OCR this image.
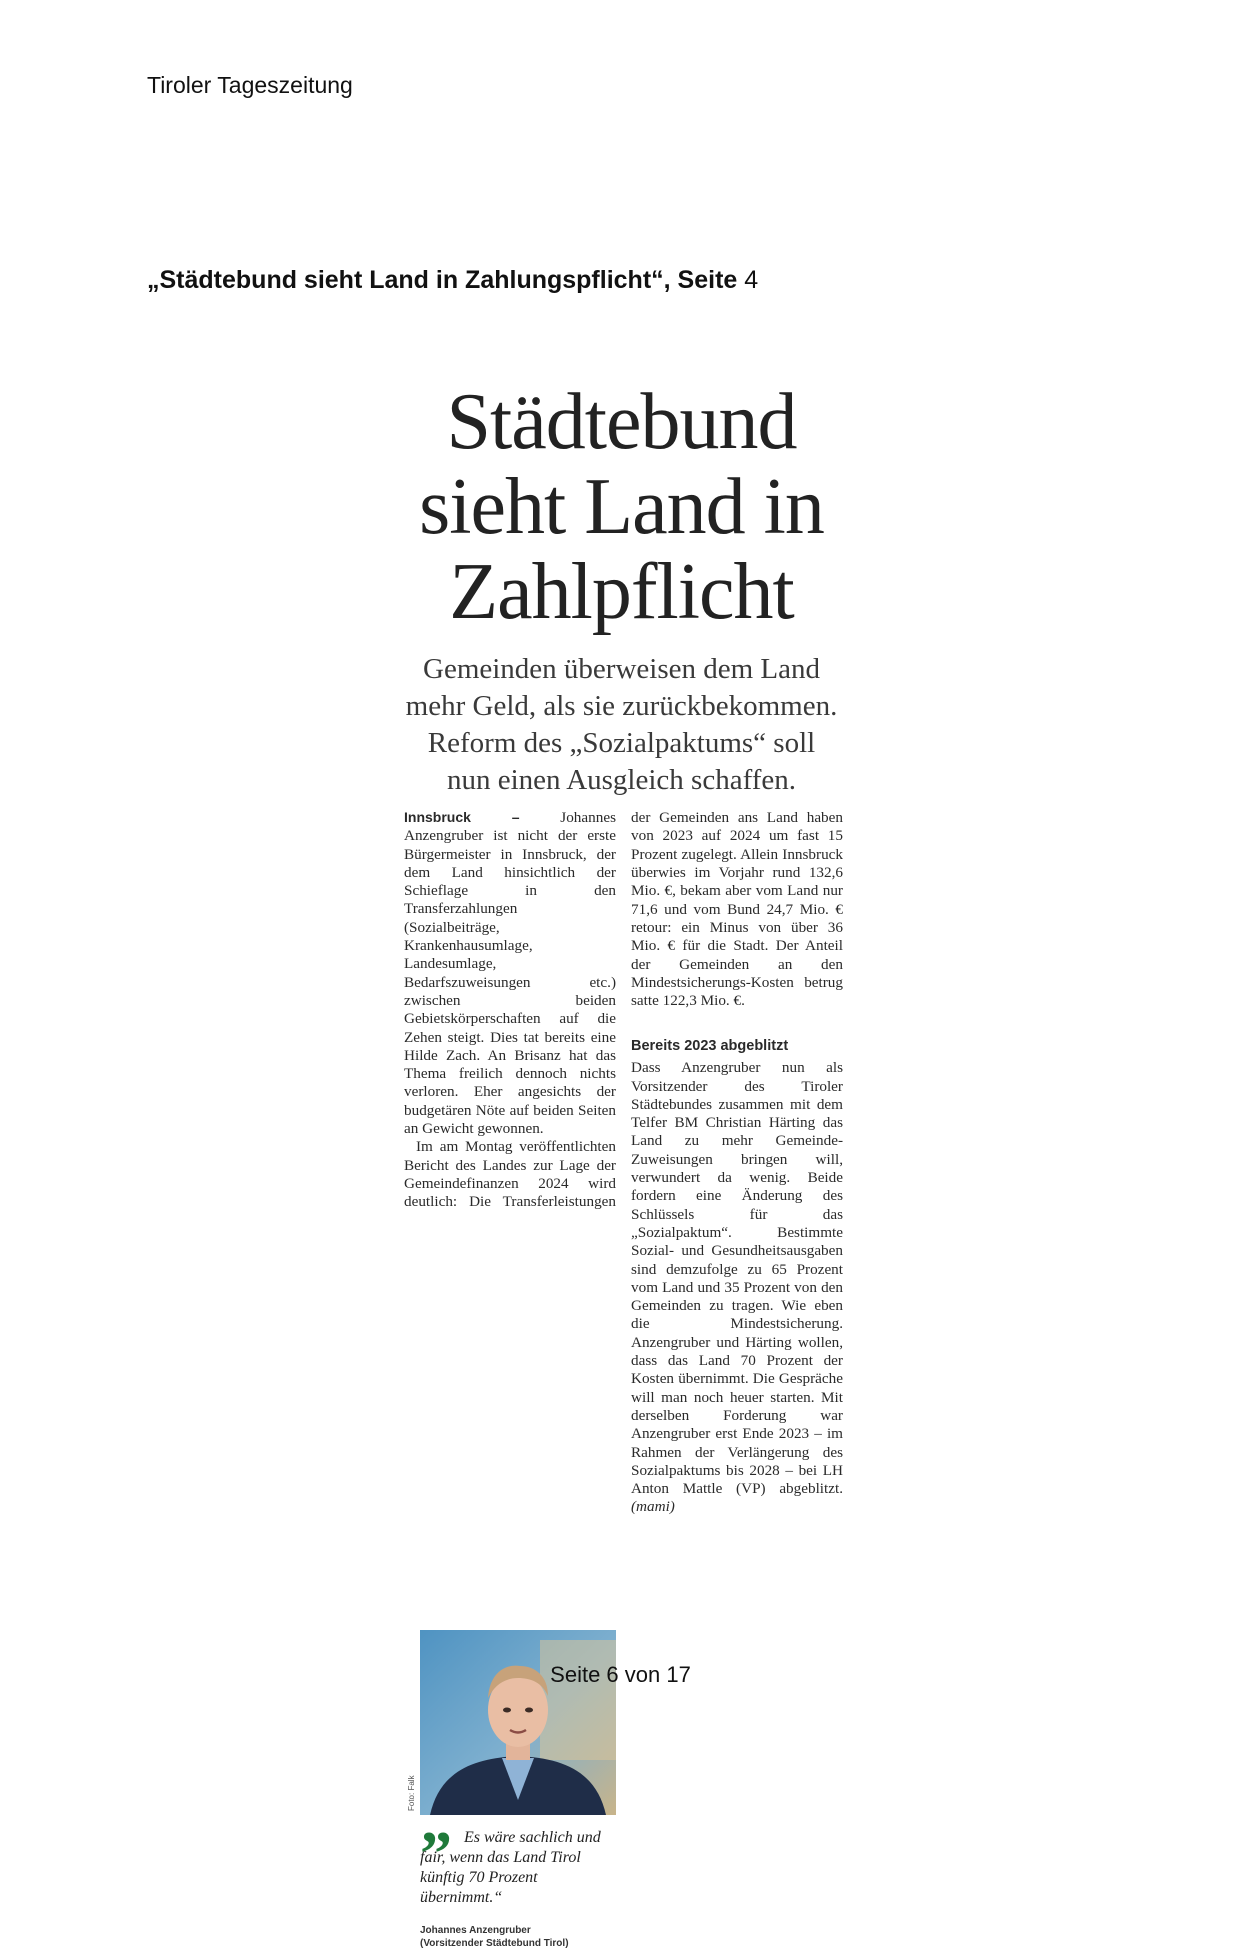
Tiroler Tageszeitung
„Städtebund sieht Land in Zahlungspflicht“, Seite 4
Städtebund sieht Land in Zahlpflicht

Gemeinden überweisen dem Land mehr Geld, als sie zurückbekommen. Reform des „Sozialpaktums“ soll nun einen Ausgleich schaffen.

Innsbruck – Johannes Anzengruber ist nicht der erste Bürgermeister in Innsbruck, der dem Land hinsichtlich der Schieflage in den Transferzahlungen (Sozialbeiträge, Krankenhausumlage, Landesumlage, Bedarfszuweisungen etc.) zwischen beiden Gebietskörperschaften auf die Zehen steigt. Dies tat bereits eine Hilde Zach. An Brisanz hat das Thema freilich dennoch nichts verloren. Eher angesichts der budgetären Nöte auf beiden Seiten an Gewicht gewonnen.

Im am Montag veröffentlichten Bericht des Landes zur Lage der Gemeindefinanzen 2024 wird deutlich: Die Transferleistungen

der Gemeinden ans Land haben von 2023 auf 2024 um fast 15 Prozent zugelegt. Allein Innsbruck überwies im Vorjahr rund 132,6 Mio. €, bekam aber vom Land nur 71,6 und vom Bund 24,7 Mio. € retour: ein Minus von über 36 Mio. € für die Stadt. Der Anteil der Gemeinden an den Mindestsicherungs-Kosten betrug satte 122,3 Mio. €.

Bereits 2023 abgeblitzt

Dass Anzengruber nun als Vorsitzender des Tiroler Städtebundes zusammen mit dem Telfer BM Christian Härting das Land zu mehr Gemeinde-Zuweisungen bringen will, verwundert da wenig. Beide fordern eine Änderung des Schlüssels für das „Sozialpaktum“. Bestimmte Sozial- und Gesundheitsausgaben sind demzufolge zu 65 Prozent vom Land und 35 Prozent von den Gemeinden zu tragen. Wie eben die Mindestsicherung. Anzengruber und Härting wollen, dass das Land 70 Prozent der Kosten übernimmt. Die Gespräche will man noch heuer starten. Mit derselben Forderung war Anzengruber erst Ende 2023 – im Rahmen der Verlängerung des Sozialpaktums bis 2028 – bei LH Anton Mattle (VP) abgeblitzt. (mami)

Foto: Falk
” Es wäre sachlich und fair, wenn das Land Tirol künftig 70 Prozent übernimmt.“

Johannes Anzengruber
(Vorsitzender Städtebund Tirol)
Seite 6 von 17
